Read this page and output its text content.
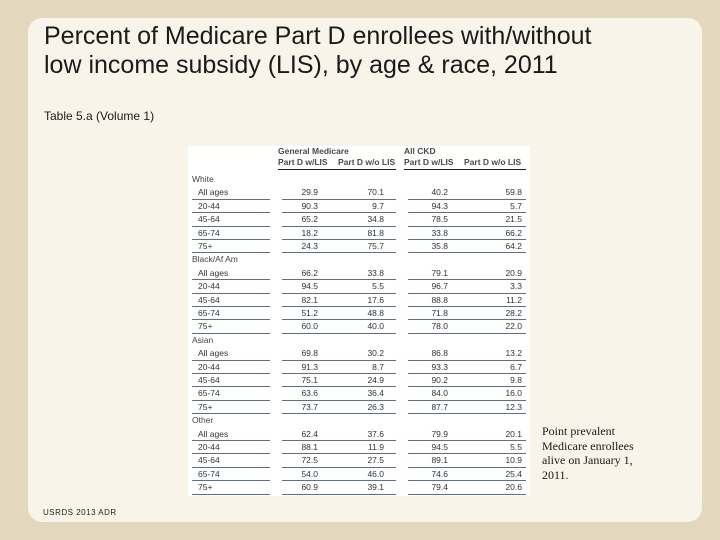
Percent of Medicare Part D enrollees with/without low income subsidy (LIS), by age & race, 2011
Table 5.a (Volume 1)
General Medicare
Part D w/LIS Part D w/o LIS
All CKD
Part D w/LIS Part D w/o LIS
White
All ages	29.9	70.1	40.2	59.8
20-44	90.3	9.7	94.3	5.7
45-64	65.2	34.8	78.5	21.5
65-74	18.2	81.8	33.8	66.2
75+	24.3	75.7	35.8	64.2
Black/Af Am
All ages	66.2	33.8	79.1	20.9
20-44	94.5	5.5	96.7	3.3
45-64	82.1	17.6	88.8	11.2
65-74	51.2	48.8	71.8	28.2
75+	60.0	40.0	78.0	22.0
Asian
All ages	69.8	30.2	86.8	13.2
20-44	91.3	8.7	93.3	6.7
45-64	75.1	24.9	90.2	9.8
65-74	63.6	36.4	84.0	16.0
75+	73.7	26.3	87.7	12.3
Other
All ages	62.4	37.6	79.9	20.1
20-44	88.1	11.9	94.5	5.5
45-64	72.5	27.5	89.1	10.9
65-74	54.0	46.0	74.6	25.4
75+	60.9	39.1	79.4	20.6
Point prevalent Medicare enrollees alive on January 1, 2011.
USRDS 2013 ADR
